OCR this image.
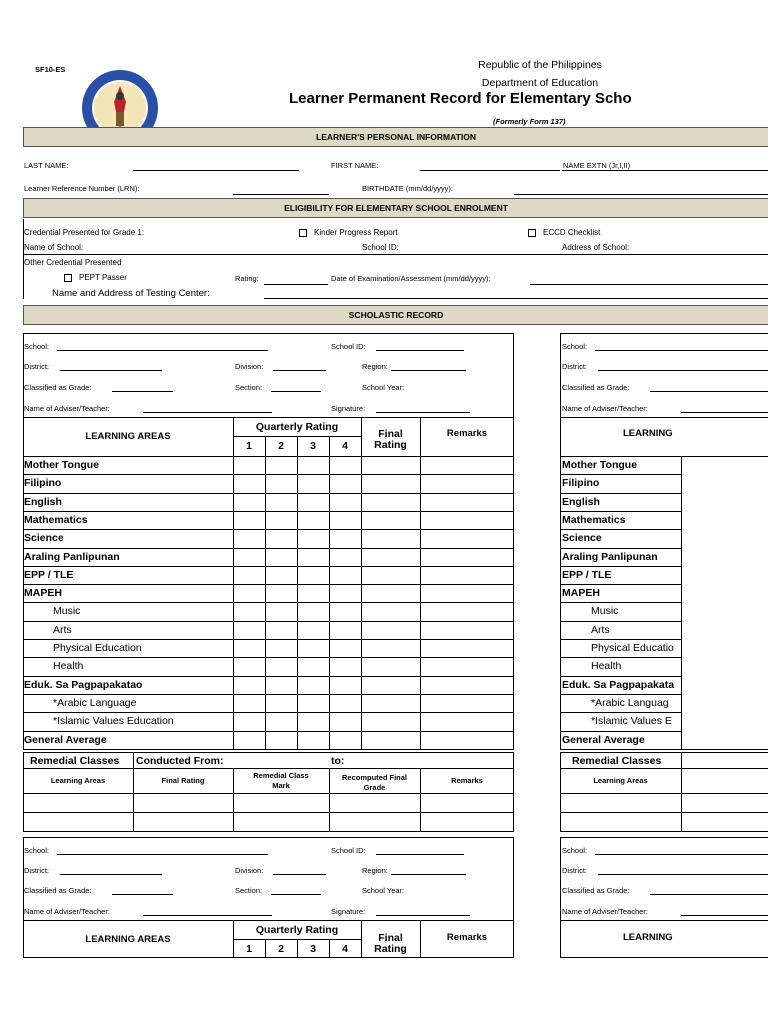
SF10-ES	Republic of the Philippines
Department of Education
Learner Permanent Record for Elementary Scho
(Formerly Form 137)
LEARNER'S PERSONAL INFORMATION
LAST NAME:	FIRST NAME:	NAME EXTN (Jr,I,II)
Learner Reference Number (LRN):	BIRTHDATE (mm/dd/yyyy):
ELIGIBILITY FOR ELEMENTARY SCHOOL ENROLMENT
Credential Presented for Grade 1:	Kinder Progress Report	ECCD Checklist
Name of School:	School ID:	Address of School:
Other Credential Presented
PEPT Passer	Rating:	Date of Examination/Assessment (mm/dd/yyyy):
Name and Address of Testing Center:
SCHOLASTIC RECORD
School:	School ID:
District:	Division:	Region:
Classified as Grade:	Section:	School Year:
Name of Adviser/Teacher:	Signature:
LEARNING AREAS
Quarterly Rating
1	2	3	4
Final
Rating
Remarks
Mother Tongue
Filipino
English
Mathematics
Science
Araling Panlipunan
EPP / TLE
MAPEH
Music
Arts
Physical Education
Health
Eduk. Sa Pagpapakatao
*Arabic Language
*Islamic Values Education
General Average
Remedial Classes Conducted From:	to:
Learning Areas	Final Rating
Remedial Class
Mark
Recomputed Final
Grade
Remarks
School:	School ID:
District:	Division:	Region:
Classified as Grade:	Section:	School Year:
Name of Adviser/Teacher:	Signature:
LEARNING AREAS
Quarterly Rating
1	2	3	4
Final
Rating
Remarks
School:
District:
Classified as Grade:
Name of Adviser/Teacher:
LEARNING
Mother Tongue
Filipino
English
Mathematics
Science
Araling Panlipunan
EPP / TLE
MAPEH
Music
Arts
Physical Educatio
Health
Eduk. Sa Pagpapakata
*Arabic Languag
*Islamic Values E
General Average
Remedial Classes
Learning Areas
School:
District:
Classified as Grade:
Name of Adviser/Teacher:
LEARNING
